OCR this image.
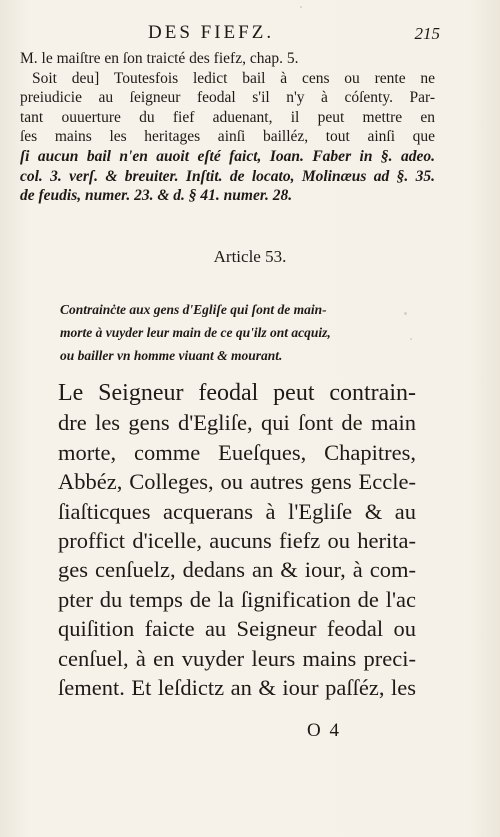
DES FIEFZ.	215
M. le maiſtre en ſon traicté des fiefz, chap. 5.
Soit deu] Toutesfois ledict bail à cens ou rente ne
preiudicie au ſeigneur feodal s'il n'y à cóſenty. Par-
tant ouuerture du fief aduenant, il peut mettre en
ſes mains les heritages ainſi bailléz, tout ainſi que
ſi aucun bail n'en auoit eſté faict, Ioan. Faber in §. adeo.
col. 3. verſ. & breuiter. Inſtit. de locato, Molinæus ad §. 35.
de feudis, numer. 23. & d. § 41. numer. 28.
Article 53.
Contrainċte aux gens d'Egliſe qui ſont de main-
morte à vuyder leur main de ce qu'ilz ont acquiz,
ou bailler vn homme viuant & mourant.
Le Seigneur feodal peut contrain-
dre les gens d'Egliſe, qui ſont de main
morte, comme Eueſques, Chapitres,
Abbéz, Colleges, ou autres gens Eccle-
ſiaſticques acquerans à l'Egliſe & au
proffict d'icelle, aucuns fiefz ou herita-
ges cenſuelz, dedans an & iour, à com-
pter du temps de la ſignification de l'ac
quiſition faicte au Seigneur feodal ou
cenſuel, à en vuyder leurs mains preci-
ſement. Et leſdictz an & iour paſſéz, les
O 4
